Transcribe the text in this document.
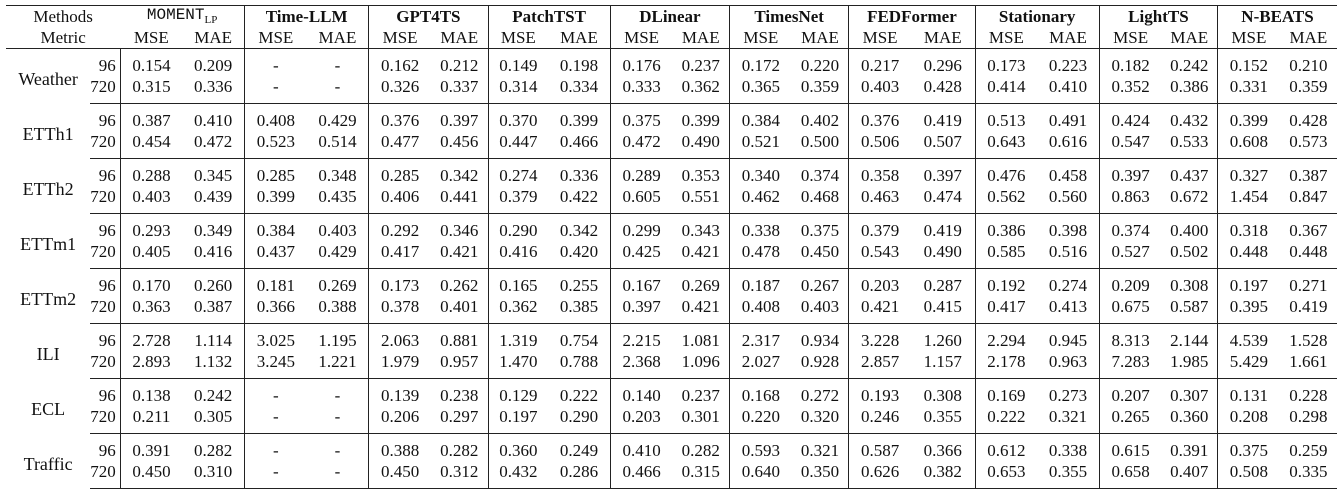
Methods		$MOMENT_{LP}$		Time-LLM		GPT4TS		PatchTST		DLinear		TimesNet		FEDFormer		Stationary		LightTS		N-BEATS	
Metric		MSE	MAE	MSE	MAE	MSE	MAE	MSE	MAE	MSE	MAE	MSE	MAE	MSE	MAE	MSE	MAE	MSE	MAE	MSE	MAE
Weather	96	0.154	0.209	-	-	0.162	0.212	0.149	0.198	0.176	0.237	0.172	0.220	0.217	0.296	0.173	0.223	0.182	0.242	0.152	0.210
	720	0.315	0.336	-	-	0.326	0.337	0.314	0.334	0.333	0.362	0.365	0.359	0.403	0.428	0.414	0.410	0.352	0.386	0.331	0.359
ETTh1	96	0.387	0.410	0.408	0.429	0.376	0.397	0.370	0.399	0.375	0.399	0.384	0.402	0.376	0.419	0.513	0.491	0.424	0.432	0.399	0.428
	720	0.454	0.472	0.523	0.514	0.477	0.456	0.447	0.466	0.472	0.490	0.521	0.500	0.506	0.507	0.643	0.616	0.547	0.533	0.608	0.573
ETTh2	96	0.288	0.345	0.285	0.348	0.285	0.342	0.274	0.336	0.289	0.353	0.340	0.374	0.358	0.397	0.476	0.458	0.397	0.437	0.327	0.387
	720	0.403	0.439	0.399	0.435	0.406	0.441	0.379	0.422	0.605	0.551	0.462	0.468	0.463	0.474	0.562	0.560	0.863	0.672	1.454	0.847
ETTm1	96	0.293	0.349	0.384	0.403	0.292	0.346	0.290	0.342	0.299	0.343	0.338	0.375	0.379	0.419	0.386	0.398	0.374	0.400	0.318	0.367
	720	0.405	0.416	0.437	0.429	0.417	0.421	0.416	0.420	0.425	0.421	0.478	0.450	0.543	0.490	0.585	0.516	0.527	0.502	0.448	0.448
ETTm2	96	0.170	0.260	0.181	0.269	0.173	0.262	0.165	0.255	0.167	0.269	0.187	0.267	0.203	0.287	0.192	0.274	0.209	0.308	0.197	0.271
	720	0.363	0.387	0.366	0.388	0.378	0.401	0.362	0.385	0.397	0.421	0.408	0.403	0.421	0.415	0.417	0.413	0.675	0.587	0.395	0.419
ILI	96	2.728	1.114	3.025	1.195	2.063	0.881	1.319	0.754	2.215	1.081	2.317	0.934	3.228	1.260	2.294	0.945	8.313	2.144	4.539	1.528
	720	2.893	1.132	3.245	1.221	1.979	0.957	1.470	0.788	2.368	1.096	2.027	0.928	2.857	1.157	2.178	0.963	7.283	1.985	5.429	1.661
ECL	96	0.138	0.242	-	-	0.139	0.238	0.129	0.222	0.140	0.237	0.168	0.272	0.193	0.308	0.169	0.273	0.207	0.307	0.131	0.228
	720	0.211	0.305	-	-	0.206	0.297	0.197	0.290	0.203	0.301	0.220	0.320	0.246	0.355	0.222	0.321	0.265	0.360	0.208	0.298
Traffic	96	0.391	0.282	-	-	0.388	0.282	0.360	0.249	0.410	0.282	0.593	0.321	0.587	0.366	0.612	0.338	0.615	0.391	0.375	0.259
	720	0.450	0.310	-	-	0.450	0.312	0.432	0.286	0.466	0.315	0.640	0.350	0.626	0.382	0.653	0.355	0.658	0.407	0.508	0.335
